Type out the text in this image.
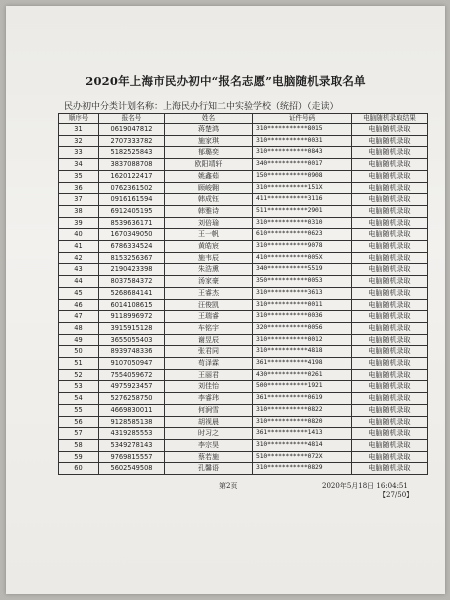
2020年上海市民办初中“报名志愿”电脑随机录取名单
民办初中分类计划名称：上海民办行知二中实验学校（统招）（走读）
顺序号	报名号	姓名	证件号码	电脑随机录取结果
31	0619047812	蒋楚鸿	310***********8015	电脑随机录取
32	2707333782	施家琪	310***********0031	电脑随机录取
33	5182525843	郁璐奕	310***********0843	电脑随机录取
34	3837088708	欧阳靖轩	340***********0017	电脑随机录取
35	1620122417	姚鑫茹	150***********0908	电脑随机录取
36	0762361502	顾峻翱	310***********151X	电脑随机录取
37	0916161594	韩成钰	411***********3116	电脑随机录取
38	6912405195	韩雅诗	511***********2901	电脑随机录取
39	8539636171	刘倍瑜	310***********0310	电脑随机录取
40	1670349050	王一帆	610***********0623	电脑随机录取
41	6786334524	黄皓宸	310***********9078	电脑随机录取
42	8153256367	施韦辰	410***********005X	电脑随机录取
43	2190423398	朱浩熏	340***********5519	电脑随机录取
44	8037584372	汤家豪	350***********0053	电脑随机录取
45	5268684141	王睿杰	310***********3613	电脑随机录取
46	6014108615	汪俊凯	310***********0011	电脑随机录取
47	9118996972	王瑞睿	310***********0036	电脑随机录取
48	3915915128	车铭宇	320***********0056	电脑随机录取
49	3655055403	谢昱辰	310***********0012	电脑随机录取
50	8939748336	张君同	310***********4818	电脑随机录取
51	9107050947	苟泽霖	361***********4198	电脑随机录取
52	7554059672	王丽君	430***********0261	电脑随机录取
53	4975923457	刘佳怡	500***********1921	电脑随机录取
54	5276258750	李睿玮	361***********0619	电脑随机录取
55	4669830011	何涧雪	310***********0822	电脑随机录取
56	9128585138	胡视晨	310***********0820	电脑随机录取
57	4319285553	时习之	361***********1413	电脑随机录取
58	5349278143	李宗昊	310***********4814	电脑随机录取
59	9769815557	蔡若施	510***********072X	电脑随机录取
60	5602549508	孔馨语	310***********0829	电脑随机录取
第2页	2020年5月18日 16:04:51
【27/50】
